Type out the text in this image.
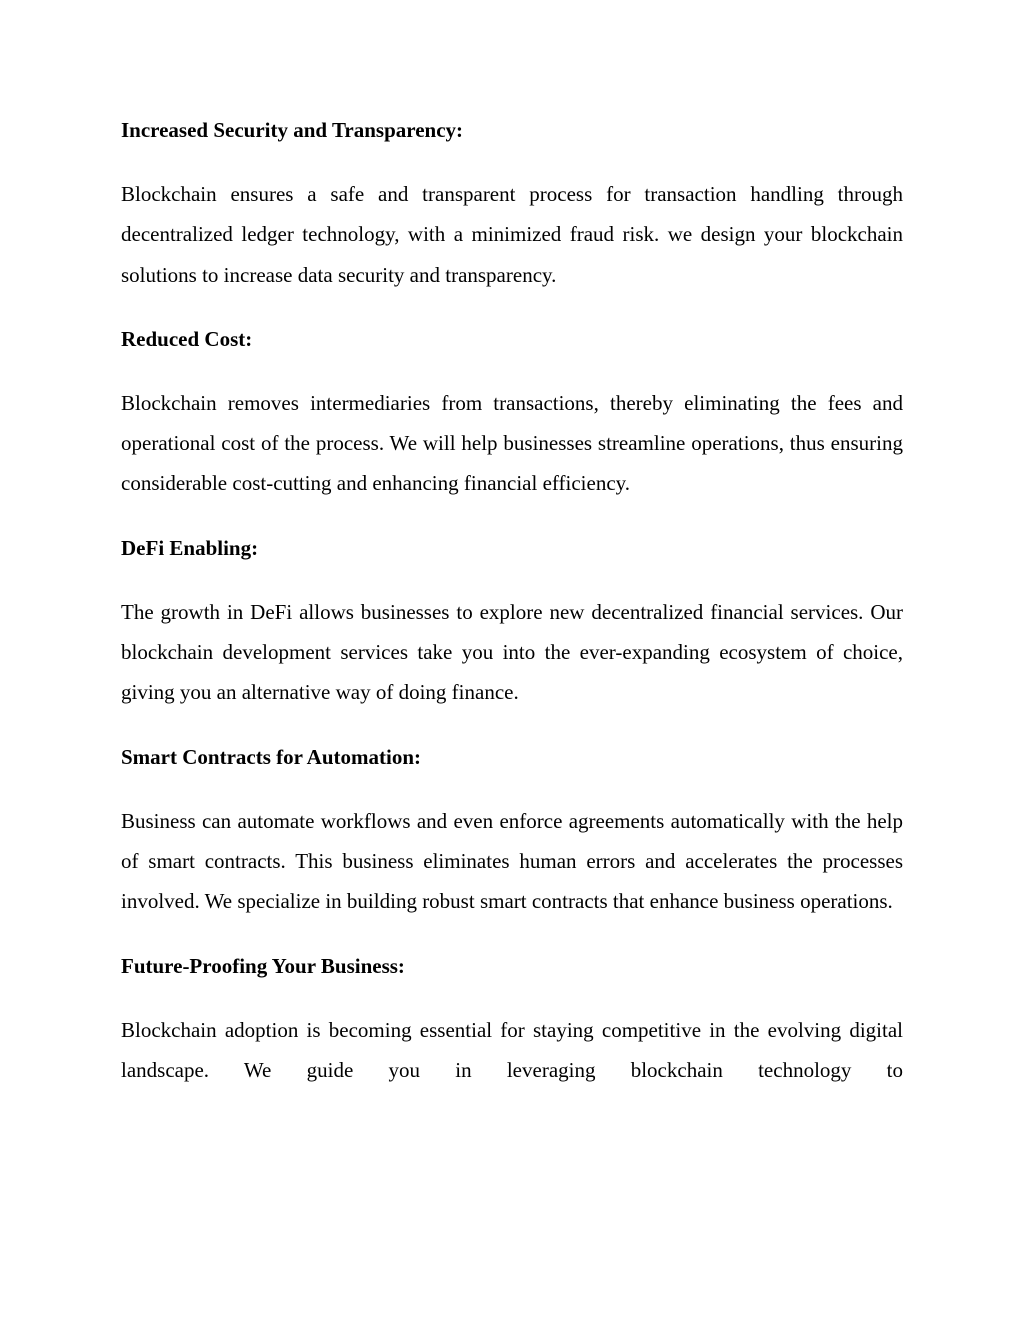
Increased Security and Transparency:

Blockchain ensures a safe and transparent process for transaction handling through decentralized ledger technology, with a minimized fraud risk. we design your blockchain solutions to increase data security and transparency.

Reduced Cost:

Blockchain removes intermediaries from transactions, thereby eliminating the fees and operational cost of the process. We will help businesses streamline operations, thus ensuring considerable cost-cutting and enhancing financial efficiency.

DeFi Enabling:

The growth in DeFi allows businesses to explore new decentralized financial services. Our blockchain development services take you into the ever-expanding ecosystem of choice, giving you an alternative way of doing finance.

Smart Contracts for Automation:

Business can automate workflows and even enforce agreements automatically with the help of smart contracts. This business eliminates human errors and accelerates the processes involved. We specialize in building robust smart contracts that enhance business operations.

Future-Proofing Your Business:

Blockchain adoption is becoming essential for staying competitive in the evolving digital landscape. We guide you in leveraging blockchain technology to
